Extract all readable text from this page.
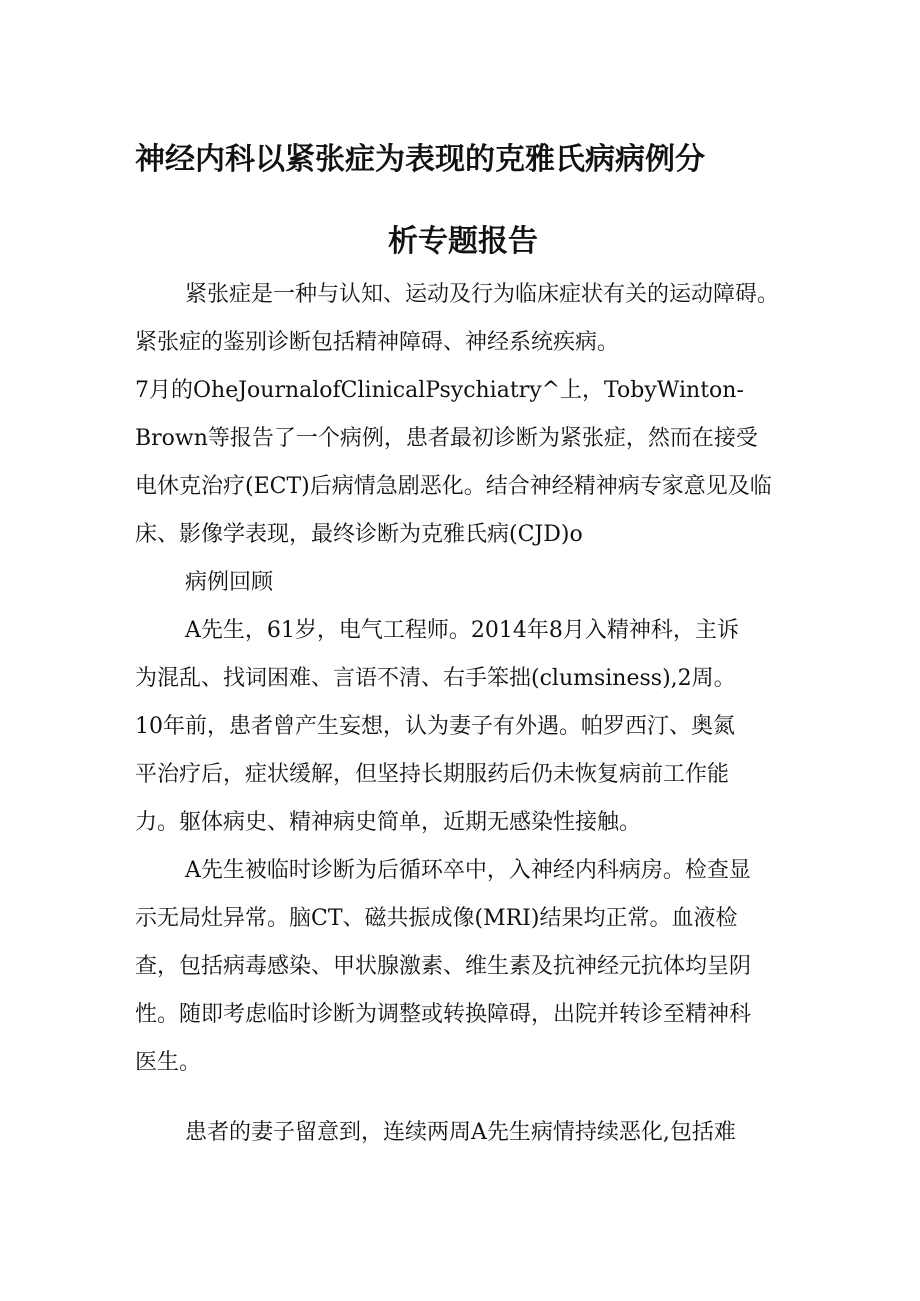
神经内科以紧张症为表现的克雅氏病病例分
析专题报告
紧张症是一种与认知、运动及行为临床症状有关的运动障碍。
紧张症的鉴别诊断包括精神障碍、神经系统疾病。
7月的OheJournalofClinicalPsychiatry^上，TobyWinton-
Brown等报告了一个病例，患者最初诊断为紧张症，然而在接受
电休克治疗(ECT)后病情急剧恶化。结合神经精神病专家意见及临
床、影像学表现，最终诊断为克雅氏病(CJD)o
病例回顾
A先生，61岁，电气工程师。2014年8月入精神科，主诉
为混乱、找词困难、言语不清、右手笨拙(clumsiness),2周。
10年前，患者曾产生妄想，认为妻子有外遇。帕罗西汀、奥氮
平治疗后，症状缓解，但坚持长期服药后仍未恢复病前工作能
力。躯体病史、精神病史简单，近期无感染性接触。
A先生被临时诊断为后循环卒中，入神经内科病房。检查显
示无局灶异常。脑CT、磁共振成像(MRI)结果均正常。血液检
查，包括病毒感染、甲状腺激素、维生素及抗神经元抗体均呈阴
性。随即考虑临时诊断为调整或转换障碍，出院并转诊至精神科
医生。
患者的妻子留意到，连续两周A先生病情持续恶化,包括难
